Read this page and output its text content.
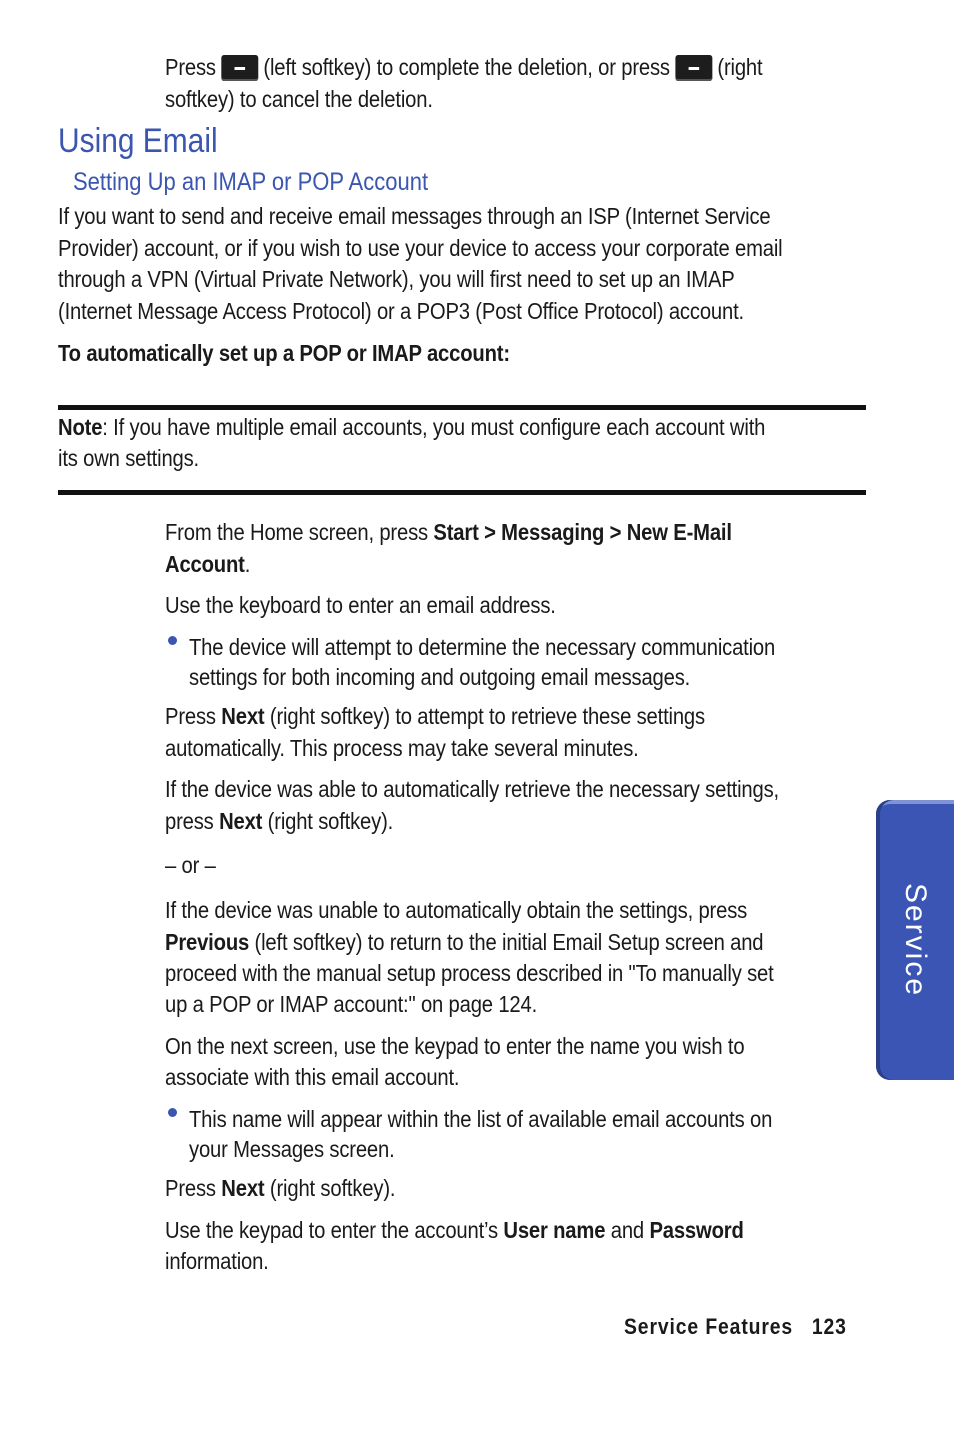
Press (left softkey) to complete the deletion, or press (right
softkey) to cancel the deletion.
Using Email
Setting Up an IMAP or POP Account
If you want to send and receive email messages through an ISP (Internet Service
Provider) account, or if you wish to use your device to access your corporate email
through a VPN (Virtual Private Network), you will first need to set up an IMAP
(Internet Message Access Protocol) or a POP3 (Post Office Protocol) account.
To automatically set up a POP or IMAP account:
Note: If you have multiple email accounts, you must configure each account with
its own settings.
From the Home screen, press Start > Messaging > New E-Mail
Account.
Use the keyboard to enter an email address.
The device will attempt to determine the necessary communication
settings for both incoming and outgoing email messages.
Press Next (right softkey) to attempt to retrieve these settings
automatically. This process may take several minutes.
If the device was able to automatically retrieve the necessary settings,
press Next (right softkey).
– or –
If the device was unable to automatically obtain the settings, press
Previous (left softkey) to return to the initial Email Setup screen and
proceed with the manual setup process described in "To manually set
up a POP or IMAP account:" on page 124.
On the next screen, use the keypad to enter the name you wish to
associate with this email account.
This name will appear within the list of available email accounts on
your Messages screen.
Press Next (right softkey).
Use the keypad to enter the account’s User name and Password
information.
Service
Service Features 123
